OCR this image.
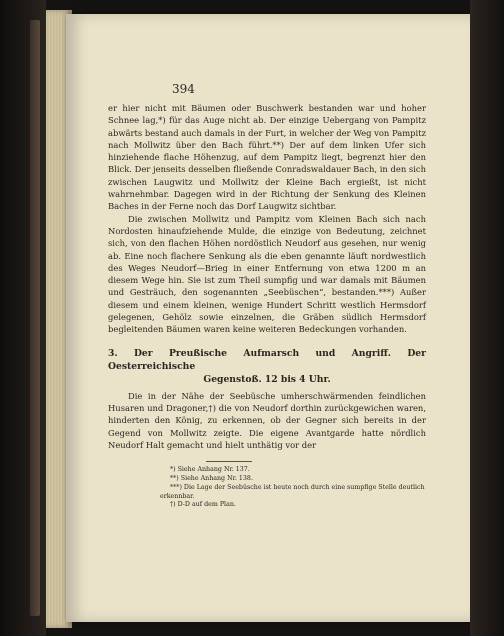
394

er hier nicht mit Bäumen oder Buschwerk bestanden war und hoher Schnee lag,*) für das Auge nicht ab. Der einzige Uebergang von Pampitz abwärts bestand auch damals in der Furt, in welcher der Weg von Pampitz nach Mollwitz über den Bach führt.**) Der auf dem linken Ufer sich hinziehende flache Höhenzug, auf dem Pampitz liegt, begrenzt hier den Blick. Der jenseits desselben fließende Conradswaldauer Bach, in den sich zwischen Laugwitz und Mollwitz der Kleine Bach ergießt, ist nicht wahrnehmbar. Dagegen wird in der Richtung der Senkung des Kleinen Baches in der Ferne noch das Dorf Laugwitz sichtbar.

Die zwischen Mollwitz und Pampitz vom Kleinen Bach sich nach Nordosten hinaufziehende Mulde, die einzige von Bedeutung, zeichnet sich, von den flachen Höhen nordöstlich Neudorf aus gesehen, nur wenig ab. Eine noch flachere Senkung als die eben genannte läuft nordwestlich des Weges Neudorf—Brieg in einer Entfernung von etwa 1200 m an diesem Wege hin. Sie ist zum Theil sumpfig und war damals mit Bäumen und Gesträuch, den sogenannten „Seebüschen“, bestanden.***) Außer diesem und einem kleinen, wenige Hundert Schritt westlich Hermsdorf gelegenen, Gehölz sowie einzelnen, die Gräben südlich Hermsdorf begleitenden Bäumen waren keine weiteren Bedeckungen vorhanden.

3. Der Preußische Aufmarsch und Angriff. Der Oesterreichische
Gegenstoß. 12 bis 4 Uhr.

Die in der Nähe der Seebüsche umherschwärmenden feindlichen Husaren und Dragoner,†) die von Neudorf dorthin zurückgewichen waren, hinderten den König, zu erkennen, ob der Gegner sich bereits in der Gegend von Mollwitz zeigte. Die eigene Avantgarde hatte nördlich Neudorf Halt gemacht und hielt unthätig vor der

*) Siehe Anhang Nr. 137.
**) Siehe Anhang Nr. 138.
***) Die Lage der Seebüsche ist heute noch durch eine sumpfige Stelle deutlich erkennbar.
†) D-D auf dem Plan.
